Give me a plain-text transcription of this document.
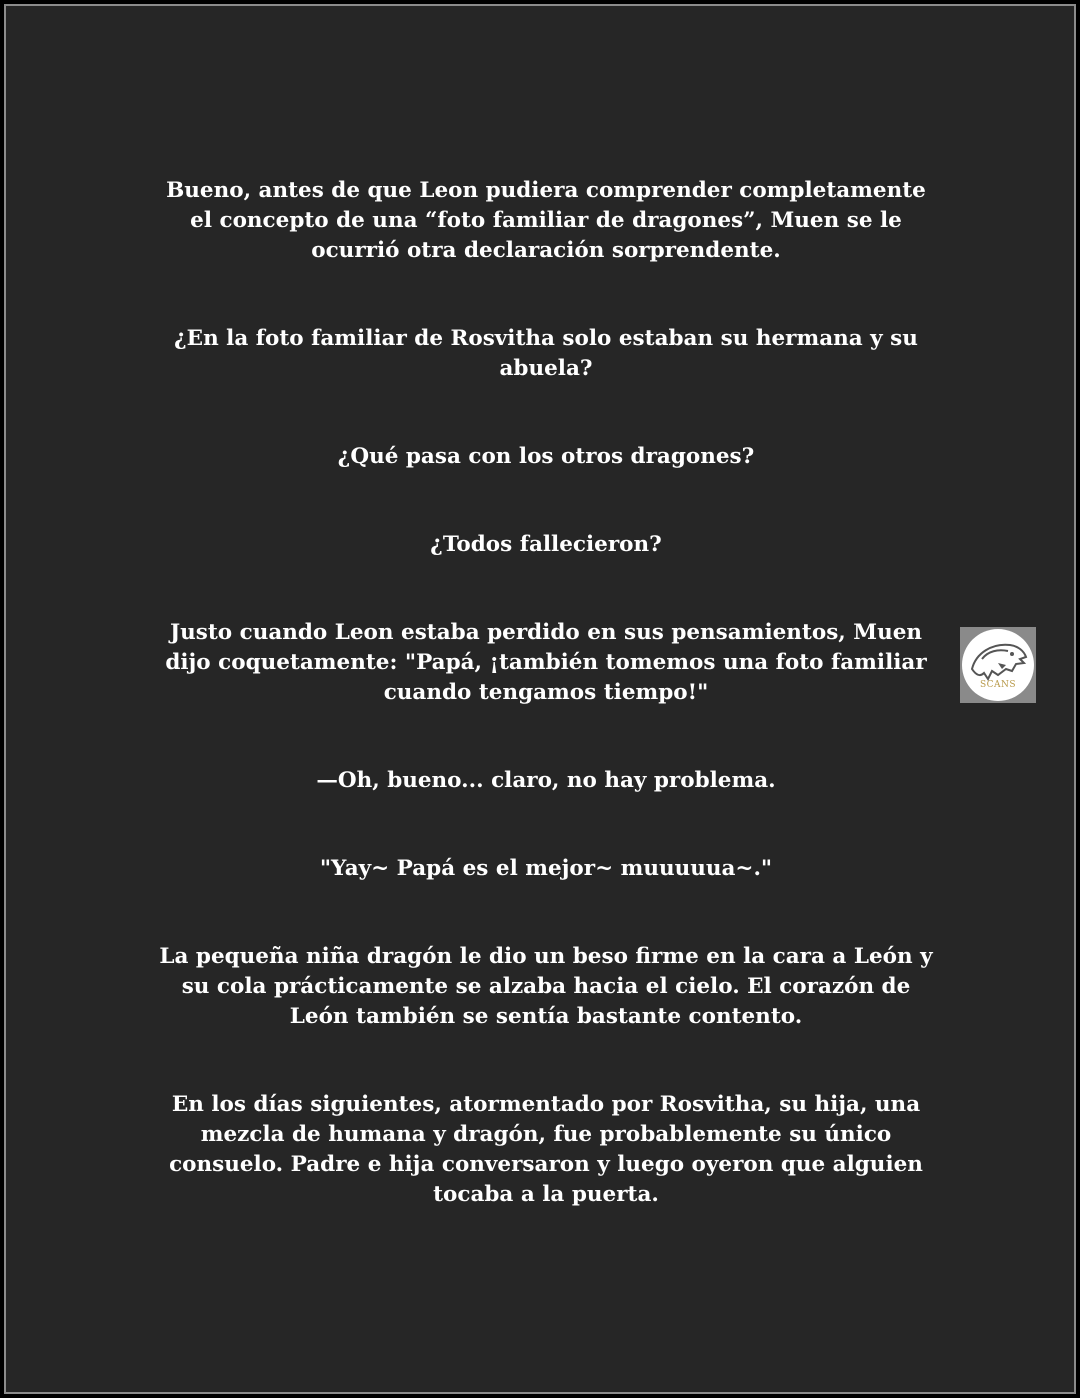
Bueno, antes de que Leon pudiera comprender completamente el concepto de una “foto familiar de dragones”, Muen se le ocurrió otra declaración sorprendente.

¿En la foto familiar de Rosvitha solo estaban su hermana y su abuela?

¿Qué pasa con los otros dragones?

¿Todos fallecieron?

Justo cuando Leon estaba perdido en sus pensamientos, Muen dijo coquetamente: "Papá, ¡también tomemos una foto familiar cuando tengamos tiempo!"

—Oh, bueno... claro, no hay problema.

"Yay~ Papá es el mejor~ muuuuua~."

La pequeña niña dragón le dio un beso firme en la cara a León y su cola prácticamente se alzaba hacia el cielo. El corazón de León también se sentía bastante contento.

En los días siguientes, atormentado por Rosvitha, su hija, una mezcla de humana y dragón, fue probablemente su único consuelo. Padre e hija conversaron y luego oyeron que alguien tocaba a la puerta.

SCANS
